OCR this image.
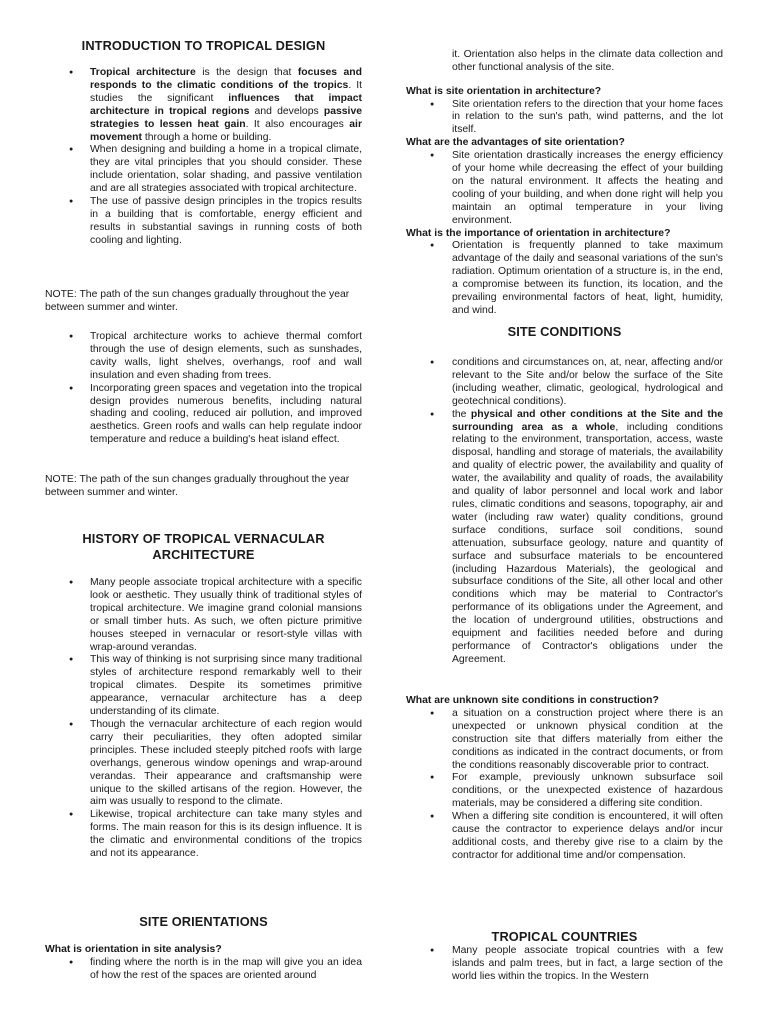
INTRODUCTION TO TROPICAL DESIGN
● Tropical architecture is the design that focuses and responds to the climatic conditions of the tropics. It studies the significant influences that impact architecture in tropical regions and develops passive strategies to lessen heat gain. It also encourages air movement through a home or building.
● When designing and building a home in a tropical climate, they are vital principles that you should consider. These include orientation, solar shading, and passive ventilation and are all strategies associated with tropical architecture.
● The use of passive design principles in the tropics results in a building that is comfortable, energy efficient and results in substantial savings in running costs of both cooling and lighting.

NOTE: The path of the sun changes gradually throughout the year between summer and winter.

● Tropical architecture works to achieve thermal comfort through the use of design elements, such as sunshades, cavity walls, light shelves, overhangs, roof and wall insulation and even shading from trees.
● Incorporating green spaces and vegetation into the tropical design provides numerous benefits, including natural shading and cooling, reduced air pollution, and improved aesthetics. Green roofs and walls can help regulate indoor temperature and reduce a building's heat island effect.

NOTE: The path of the sun changes gradually throughout the year between summer and winter.

HISTORY OF TROPICAL VERNACULAR
ARCHITECTURE
● Many people associate tropical architecture with a specific look or aesthetic. They usually think of traditional styles of tropical architecture. We imagine grand colonial mansions or small timber huts. As such, we often picture primitive houses steeped in vernacular or resort-style villas with wrap-around verandas.
● This way of thinking is not surprising since many traditional styles of architecture respond remarkably well to their tropical climates. Despite its sometimes primitive appearance, vernacular architecture has a deep understanding of its climate.
● Though the vernacular architecture of each region would carry their peculiarities, they often adopted similar principles. These included steeply pitched roofs with large overhangs, generous window openings and wrap-around verandas. Their appearance and craftsmanship were unique to the skilled artisans of the region. However, the aim was usually to respond to the climate.
● Likewise, tropical architecture can take many styles and forms. The main reason for this is its design influence. It is the climatic and environmental conditions of the tropics and not its appearance.
SITE ORIENTATIONS

What is orientation in site analysis?

● finding where the north is in the map will give you an idea of how the rest of the spaces are oriented around

it. Orientation also helps in the climate data collection and other functional analysis of the site.

What is site orientation in architecture?

● Site orientation refers to the direction that your home faces in relation to the sun's path, wind patterns, and the lot itself.

What are the advantages of site orientation?

● Site orientation drastically increases the energy efficiency of your home while decreasing the effect of your building on the natural environment. It affects the heating and cooling of your building, and when done right will help you maintain an optimal temperature in your living environment.

What is the importance of orientation in architecture?

● Orientation is frequently planned to take maximum advantage of the daily and seasonal variations of the sun's radiation. Optimum orientation of a structure is, in the end, a compromise between its function, its location, and the prevailing environmental factors of heat, light, humidity, and wind.
SITE CONDITIONS
● conditions and circumstances on, at, near, affecting and/or relevant to the Site and/or below the surface of the Site (including weather, climatic, geological, hydrological and geotechnical conditions).
● the physical and other conditions at the Site and the surrounding area as a whole, including conditions relating to the environment, transportation, access, waste disposal, handling and storage of materials, the availability and quality of electric power, the availability and quality of water, the availability and quality of roads, the availability and quality of labor personnel and local work and labor rules, climatic conditions and seasons, topography, air and water (including raw water) quality conditions, ground surface conditions, surface soil conditions, sound attenuation, subsurface geology, nature and quantity of surface and subsurface materials to be encountered (including Hazardous Materials), the geological and subsurface conditions of the Site, all other local and other conditions which may be material to Contractor's performance of its obligations under the Agreement, and the location of underground utilities, obstructions and equipment and facilities needed before and during performance of Contractor's obligations under the Agreement.

What are unknown site conditions in construction?

● a situation on a construction project where there is an unexpected or unknown physical condition at the construction site that differs materially from either the conditions as indicated in the contract documents, or from the conditions reasonably discoverable prior to contract.
● For example, previously unknown subsurface soil conditions, or the unexpected existence of hazardous materials, may be considered a differing site condition.
● When a differing site condition is encountered, it will often cause the contractor to experience delays and/or incur additional costs, and thereby give rise to a claim by the contractor for additional time and/or compensation.
TROPICAL COUNTRIES
● Many people associate tropical countries with a few islands and palm trees, but in fact, a large section of the world lies within the tropics. In the Western
